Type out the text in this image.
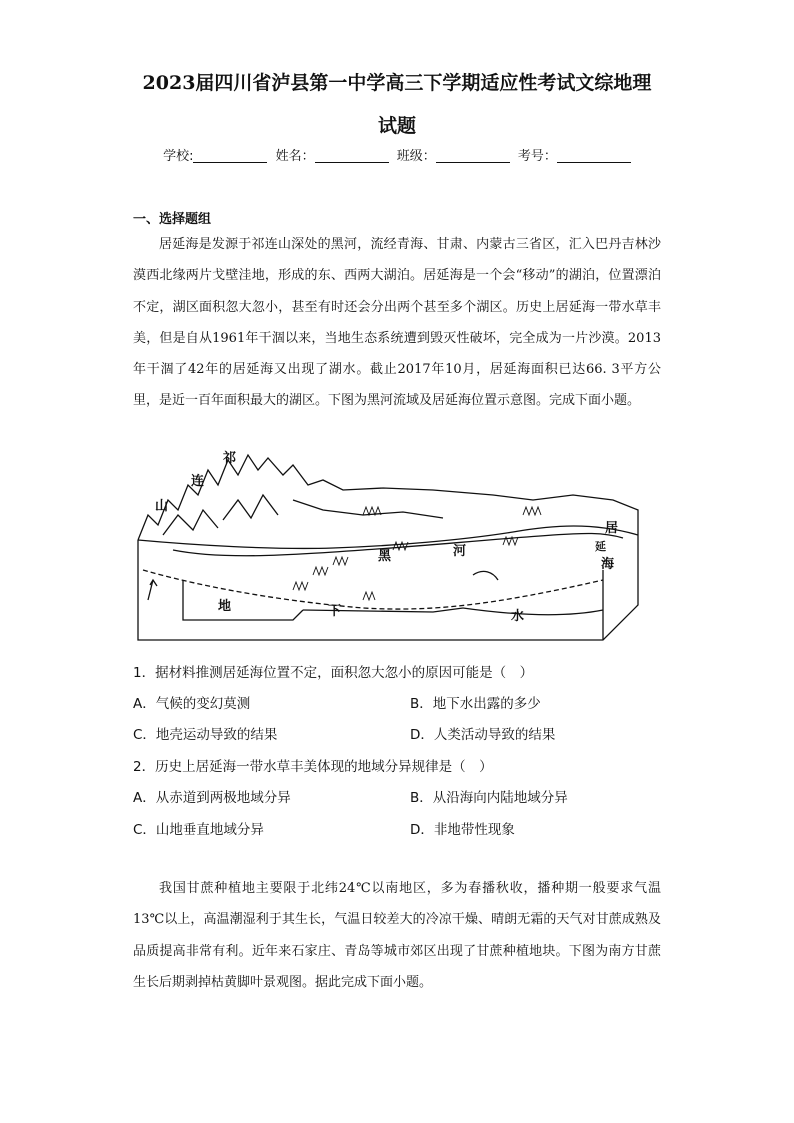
2023届四川省泸县第一中学高三下学期适应性考试文综地理
试题
学校:	姓名：	班级：	考号：
一、选择题组

居延海是发源于祁连山深处的黑河，流经青海、甘肃、内蒙古三省区，汇入巴丹吉林沙漠西北缘两片戈壁洼地，形成的东、西两大湖泊。居延海是一个会“移动”的湖泊，位置漂泊不定，湖区面积忽大忽小，甚至有时还会分出两个甚至多个湖区。历史上居延海一带水草丰美，但是自从1961年干涸以来，当地生态系统遭到毁灭性破坏，完全成为一片沙漠。2013年干涸了42年的居延海又出现了湖水。截止2017年10月，居延海面积已达66. 3平方公里，是近一百年面积最大的湖区。下图为黑河流域及居延海位置示意图。完成下面小题。

祁
连
山
黑	河
居
延
海
地	下	水
1．据材料推测居延海位置不定，面积忽大忽小的原因可能是（　）
A．气候的变幻莫测	B．地下水出露的多少
C．地壳运动导致的结果	D．人类活动导致的结果
2．历史上居延海一带水草丰美体现的地域分异规律是（　）
A．从赤道到两极地域分异	B．从沿海向内陆地域分异
C．山地垂直地域分异	D．非地带性现象

我国甘蔗种植地主要限于北纬24℃以南地区，多为春播秋收，播种期一般要求气温13℃以上，高温潮湿利于其生长，气温日较差大的冷凉干燥、晴朗无霜的天气对甘蔗成熟及品质提高非常有利。近年来石家庄、青岛等城市郊区出现了甘蔗种植地块。下图为南方甘蔗生长后期剥掉枯黄脚叶景观图。据此完成下面小题。
